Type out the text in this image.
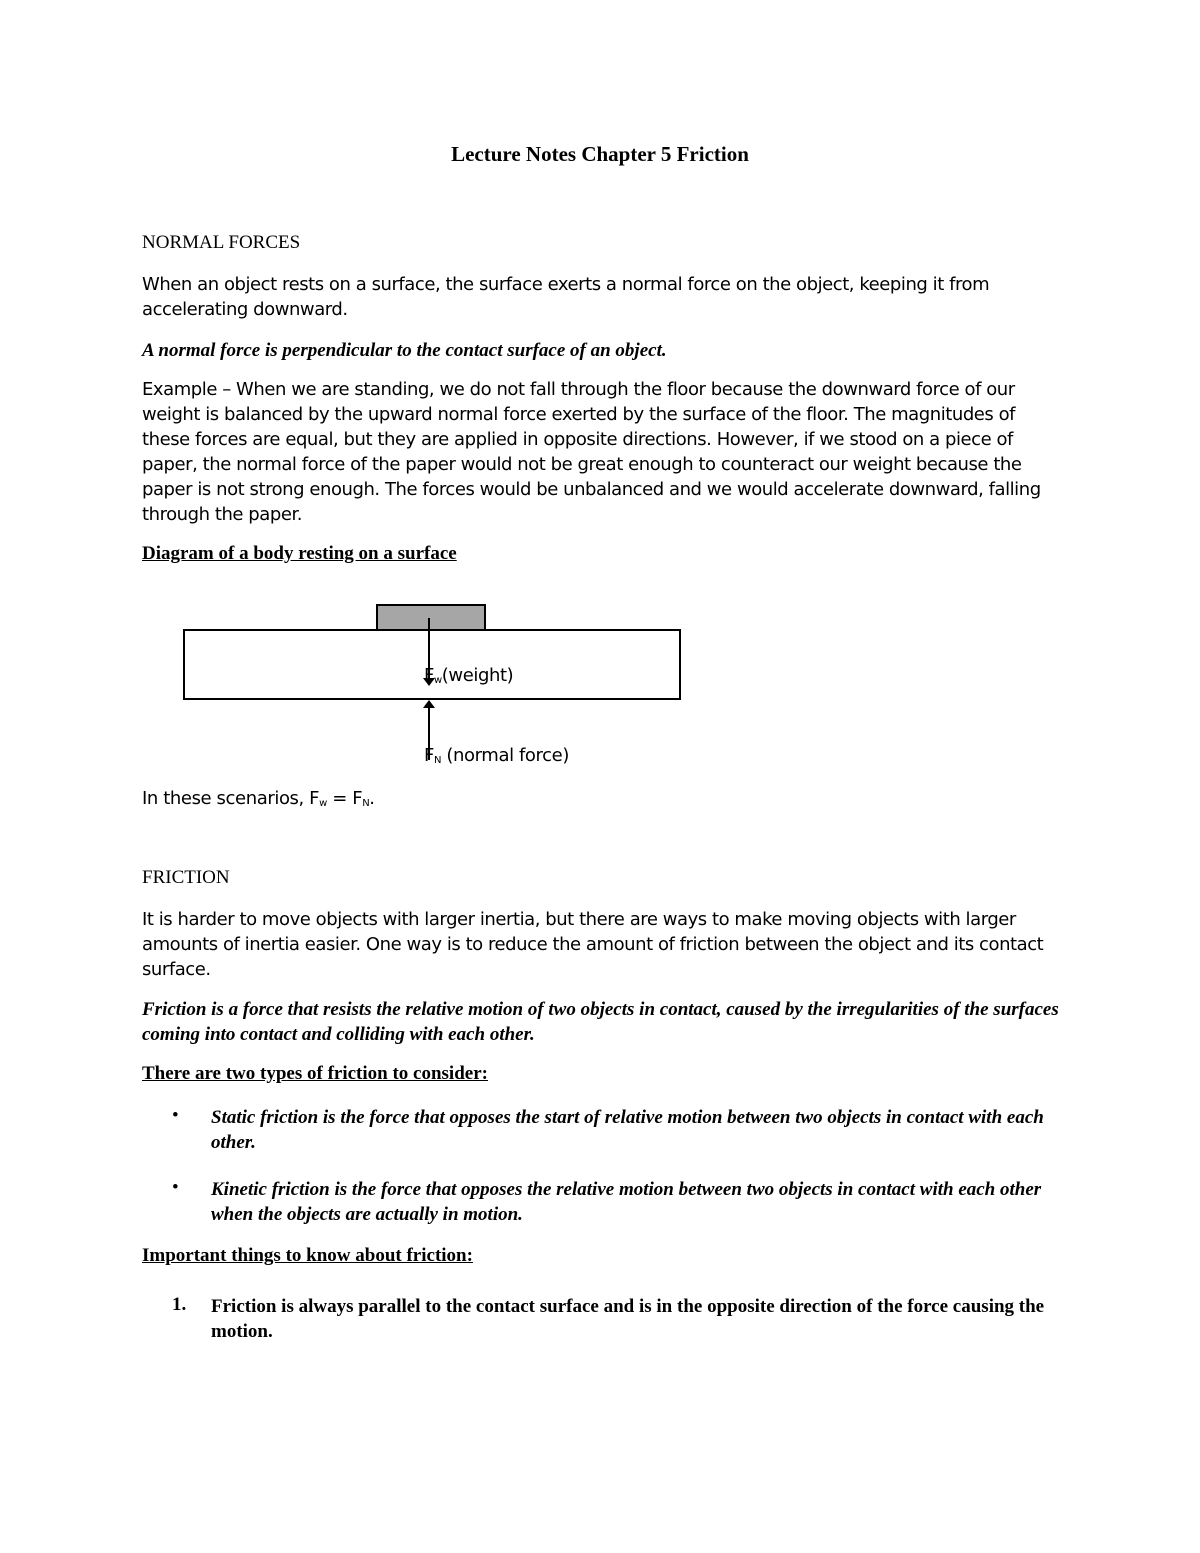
Lecture Notes Chapter 5 Friction
NORMAL FORCES
When an object rests on a surface, the surface exerts a normal force on the object, keeping it from accelerating downward.
A normal force is perpendicular to the contact surface of an object.
Example – When we are standing, we do not fall through the floor because the downward force of our weight is balanced by the upward normal force exerted by the surface of the floor. The magnitudes of these forces are equal, but they are applied in opposite directions. However, if we stood on a piece of paper, the normal force of the paper would not be great enough to counteract our weight because the paper is not strong enough. The forces would be unbalanced and we would accelerate downward, falling through the paper.
Diagram of a body resting on a surface
$F_w(weight)$
$F_N$ (normal force)
In these scenarios, $F_w = F_N$.
FRICTION
It is harder to move objects with larger inertia, but there are ways to make moving objects with larger amounts of inertia easier. One way is to reduce the amount of friction between the object and its contact surface.
Friction is a force that resists the relative motion of two objects in contact, caused by the irregularities of the surfaces coming into contact and colliding with each other.
There are two types of friction to consider:
• Static friction is the force that opposes the start of relative motion between two objects in contact with each other.
• Kinetic friction is the force that opposes the relative motion between two objects in contact with each other when the objects are actually in motion.
Important things to know about friction:
1. Friction is always parallel to the contact surface and is in the opposite direction of the force causing the motion.
